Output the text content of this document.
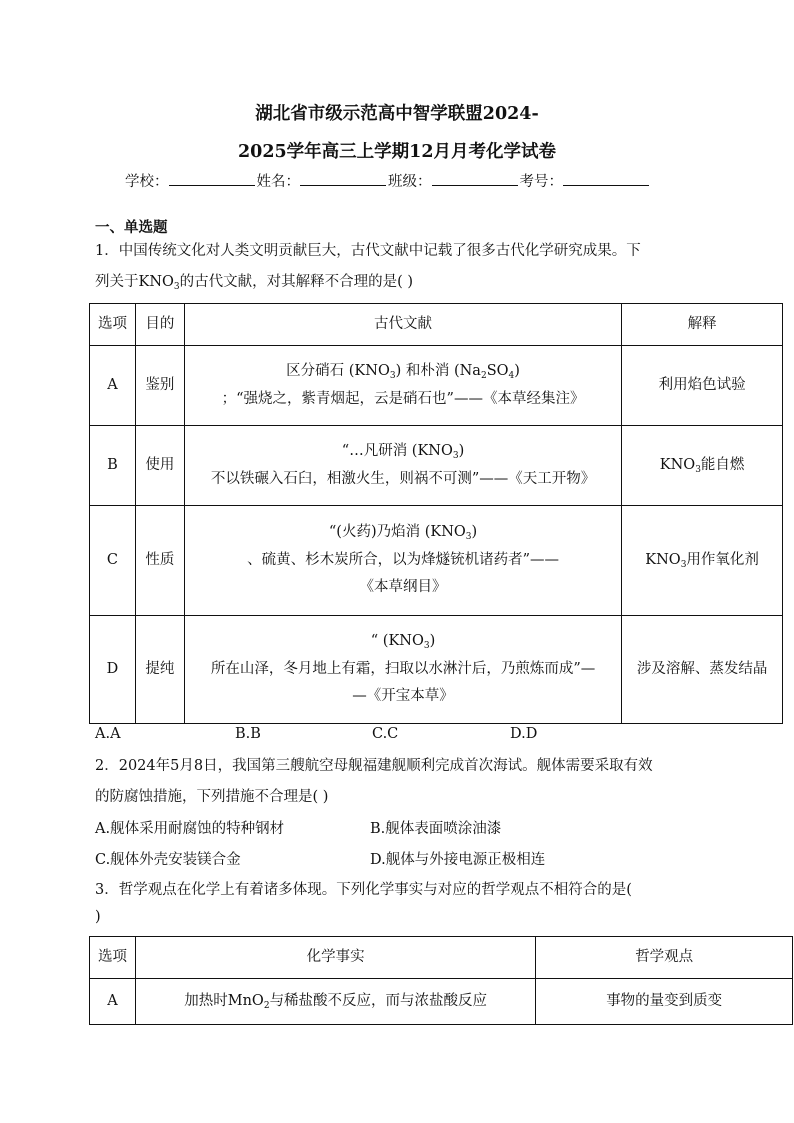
湖北省市级示范高中智学联盟2024-
2025学年高三上学期12月月考化学试卷
学校：	姓名：	班级：	考号：
一、单选题
1．中国传统文化对人类文明贡献巨大，古代文献中记载了很多古代化学研究成果。下
列关于$KNO_3$的古代文献，对其解释不合理的是( )
选项	目的	古代文献	解释
A	鉴别	区分硝石 $(KNO_3)$ 和朴消 $(Na_2SO_4)$
；“强烧之，紫青烟起，云是硝石也”——《本草经集注》	利用焰色试验
B	使用	“…凡研消 $(KNO_3)$
不以铁碾入石臼，相激火生，则祸不可测”——《天工开物》	$KNO_3$能自燃
C	性质	“(火药)乃焰消 $(KNO_3)$
、硫黄、杉木炭所合，以为烽燧铳机诸药者”——
《本草纲目》	$KNO_3$用作氧化剂
D	提纯	“ $(KNO_3)$
所在山泽，冬月地上有霜，扫取以水淋汁后，乃煎炼而成”—
—《开宝本草》	涉及溶解、蒸发结晶
A.A	B.B	C.C	D.D
2．2024年5月8日，我国第三艘航空母舰福建舰顺利完成首次海试。舰体需要采取有效
的防腐蚀措施，下列措施不合理是( )
A.舰体采用耐腐蚀的特种钢材	B.舰体表面喷涂油漆
C.舰体外壳安装镁合金	D.舰体与外接电源正极相连
3．哲学观点在化学上有着诸多体现。下列化学事实与对应的哲学观点不相符合的是(
)
选项	化学事实	哲学观点
A	加热时MnO$_2$与稀盐酸不反应，而与浓盐酸反应	事物的量变到质变
